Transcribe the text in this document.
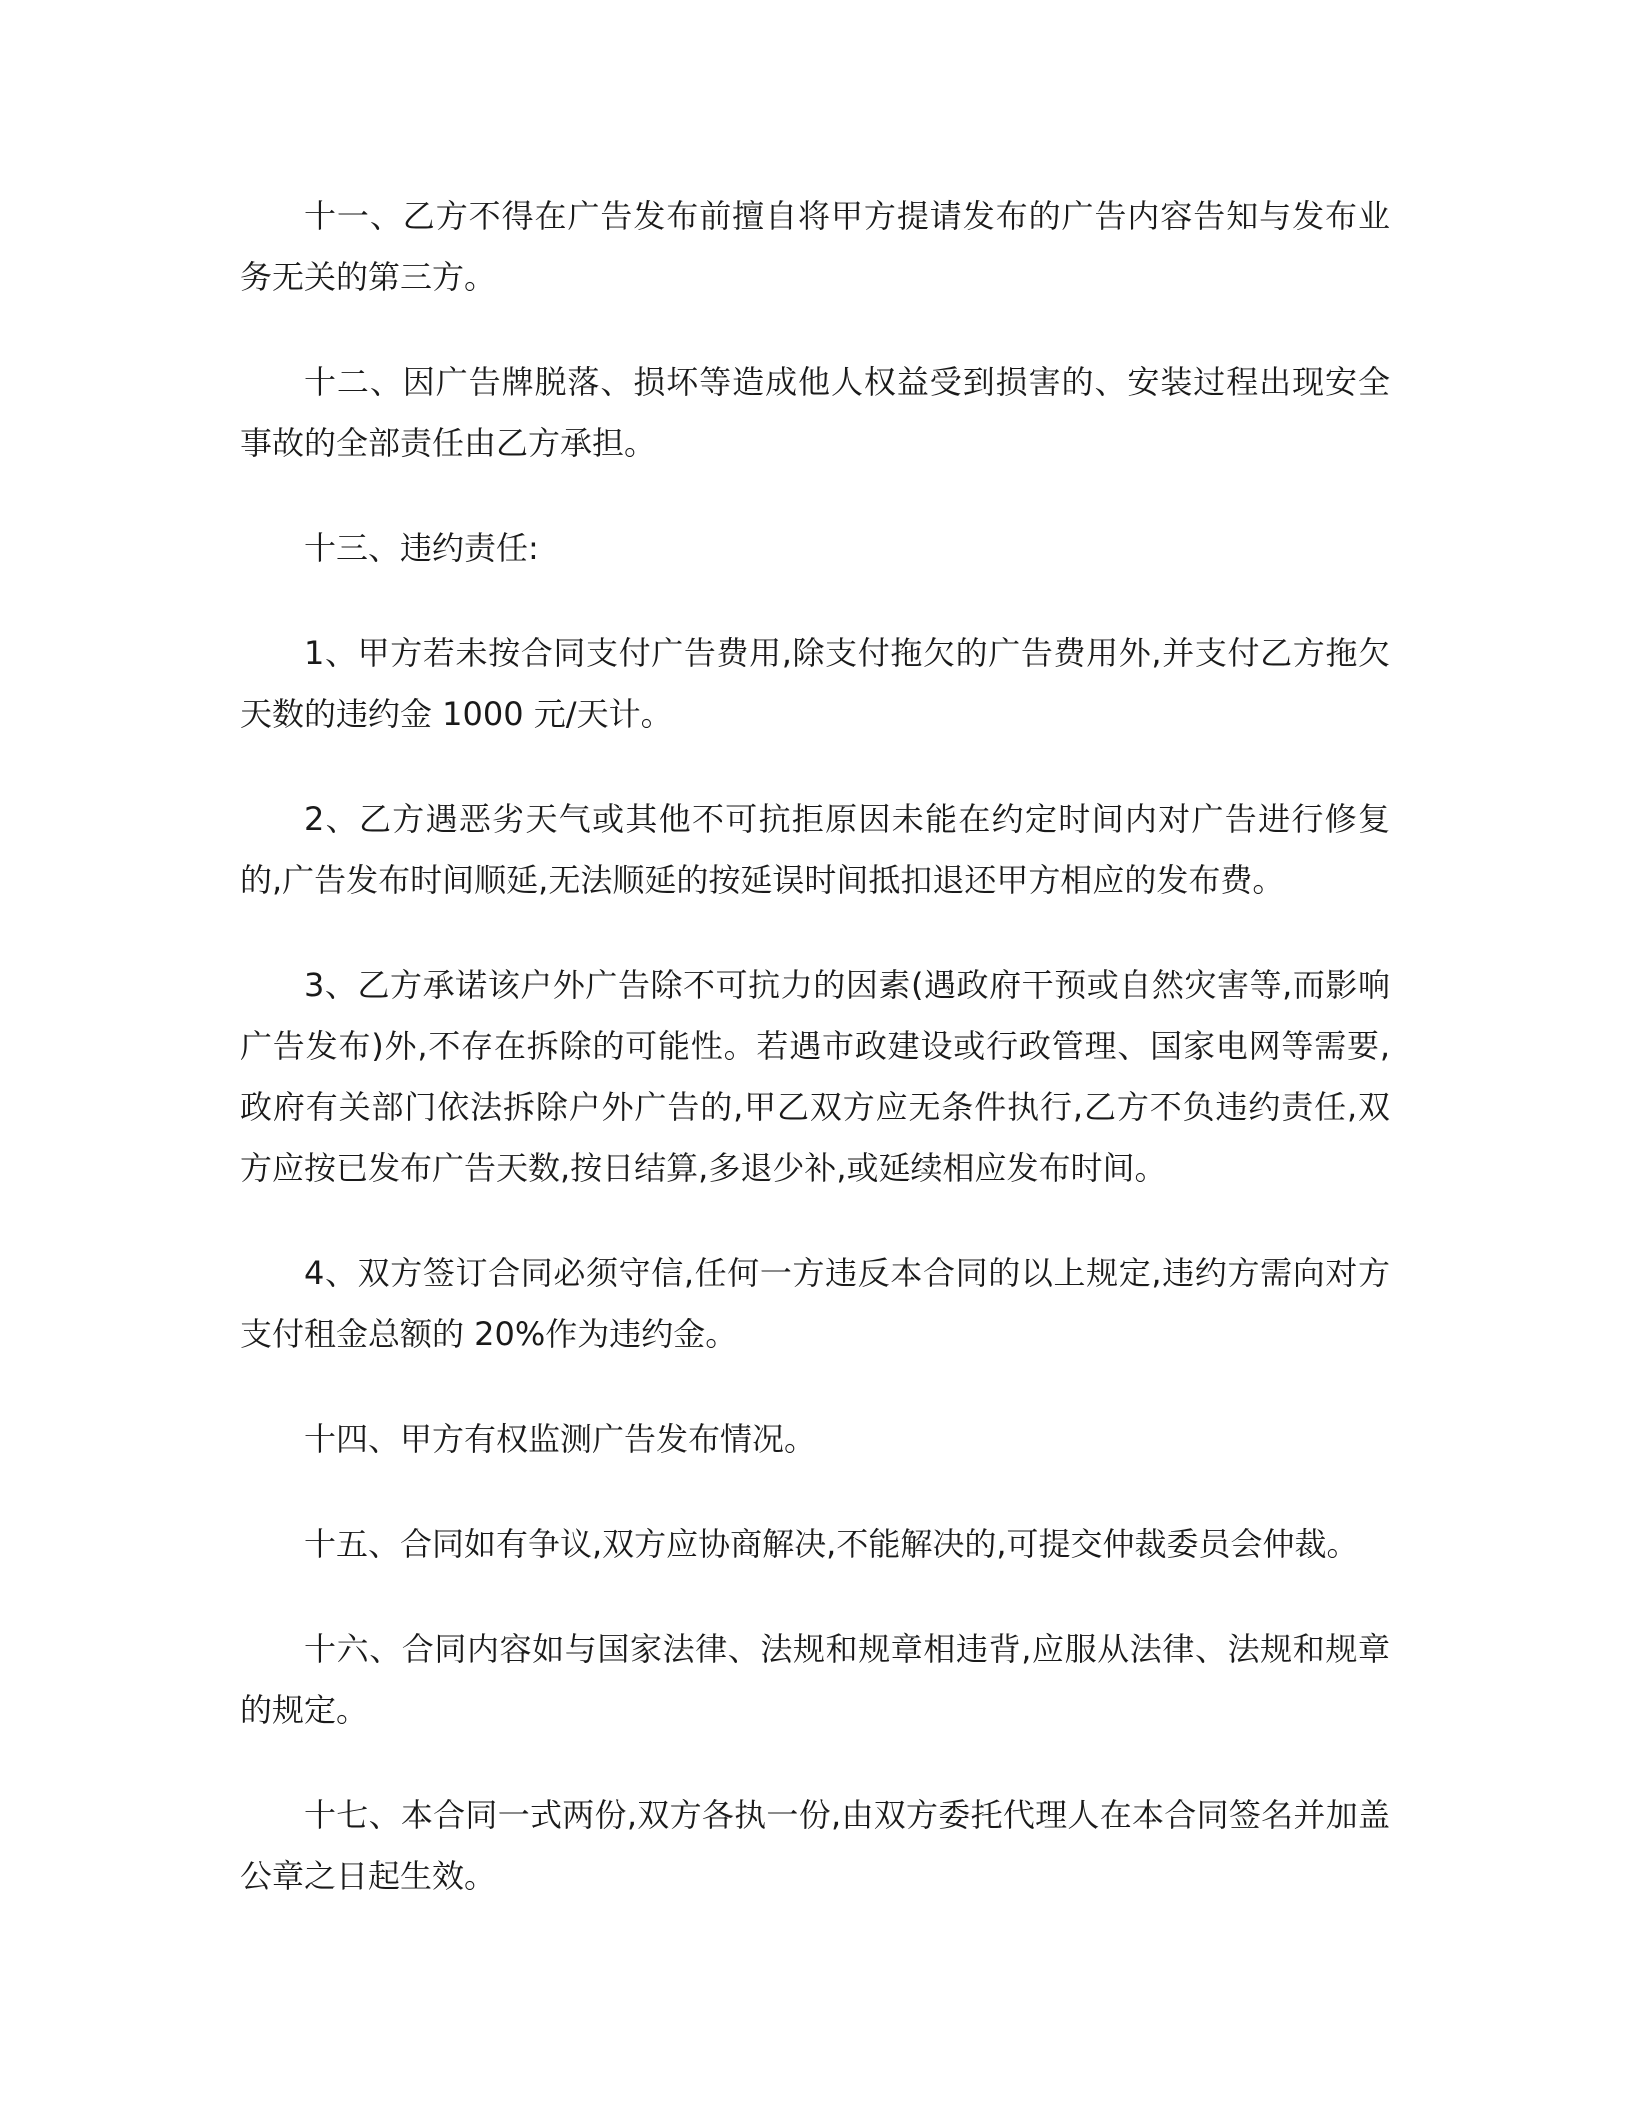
十一、乙方不得在广告发布前擅自将甲方提请发布的广告内容告知与发布业务无关的第三方。

十二、因广告牌脱落、损坏等造成他人权益受到损害的、安装过程出现安全事故的全部责任由乙方承担。

十三、违约责任:

1、甲方若未按合同支付广告费用,除支付拖欠的广告费用外,并支付乙方拖欠天数的违约金 1000 元/天计。

2、乙方遇恶劣天气或其他不可抗拒原因未能在约定时间内对广告进行修复的,广告发布时间顺延,无法顺延的按延误时间抵扣退还甲方相应的发布费。

3、乙方承诺该户外广告除不可抗力的因素(遇政府干预或自然灾害等,而影响广告发布)外,不存在拆除的可能性。若遇市政建设或行政管理、国家电网等需要,政府有关部门依法拆除户外广告的,甲乙双方应无条件执行,乙方不负违约责任,双方应按已发布广告天数,按日结算,多退少补,或延续相应发布时间。

4、双方签订合同必须守信,任何一方违反本合同的以上规定,违约方需向对方支付租金总额的 20%作为违约金。

十四、甲方有权监测广告发布情况。

十五、合同如有争议,双方应协商解决,不能解决的,可提交仲裁委员会仲裁。

十六、合同内容如与国家法律、法规和规章相违背,应服从法律、法规和规章的规定。

十七、本合同一式两份,双方各执一份,由双方委托代理人在本合同签名并加盖公章之日起生效。
